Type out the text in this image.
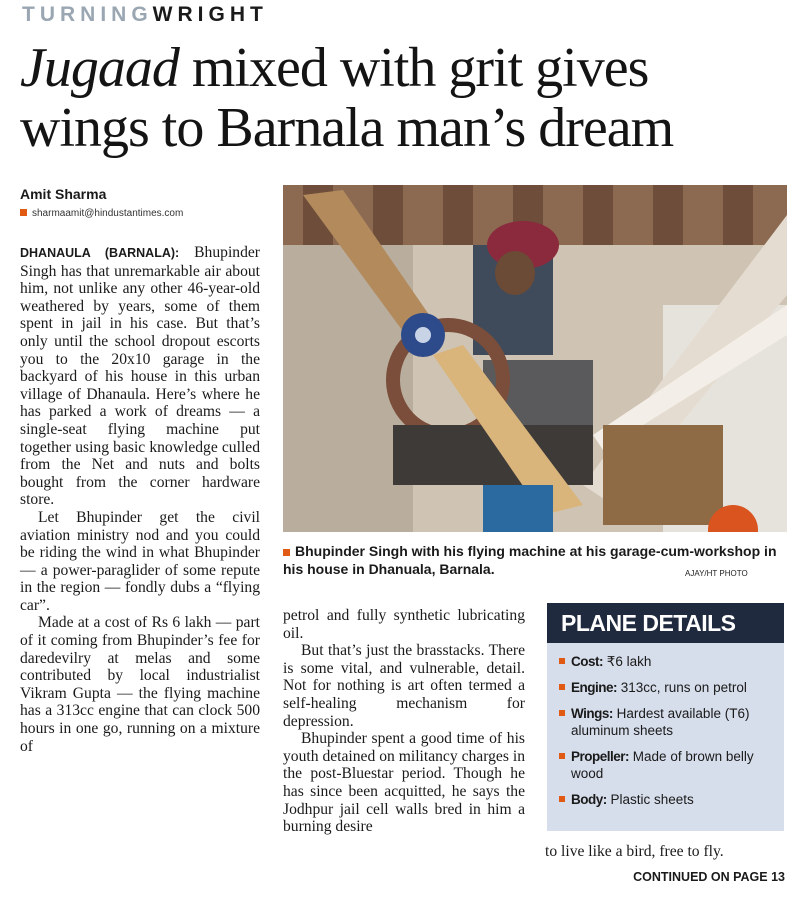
TURNINGWRIGHT
Jugaad mixed with grit gives
wings to Barnala man’s dream
Amit Sharma
sharmaamit@hindustantimes.com

DHANAULA (BARNALA): Bhupinder Singh has that unremarkable air about him, not unlike any other 46-year-old weathered by years, some of them spent in jail in his case. But that’s only until the school dropout escorts you to the 20x10 garage in the backyard of his house in this urban village of Dhanaula. Here’s where he has parked a work of dreams — a single-seat flying machine put together using basic knowledge culled from the Net and nuts and bolts bought from the corner hardware store.

Let Bhupinder get the civil aviation ministry nod and you could be riding the wind in what Bhupinder — a power-paraglider of some repute in the region — fondly dubs a “flying car”.

Made at a cost of Rs 6 lakh — part of it coming from Bhupinder’s fee for daredevilry at melas and some contributed by local industrialist Vikram Gupta — the flying machine has a 313cc engine that can clock 500 hours in one go, running on a mixture of

Bhupinder Singh with his flying machine at his garage-cum-workshop in his house in Dhanuala, Barnala.	AJAY/HT PHOTO

petrol and fully synthetic lubricating oil.

But that’s just the brasstacks. There is some vital, and vulnerable, detail. Not for nothing is art often termed a self-healing mechanism for depression.

Bhupinder spent a good time of his youth detained on militancy charges in the post-Bluestar period. Though he has since been acquitted, he says the Jodhpur jail cell walls bred in him a burning desire

PLANE DETAILS
Cost: ₹6 lakh
Engine: 313cc, runs on petrol
Wings: Hardest available (T6) aluminum sheets
Propeller: Made of brown belly wood
Body: Plastic sheets

to live like a bird, free to fly.

CONTINUED ON PAGE 13
